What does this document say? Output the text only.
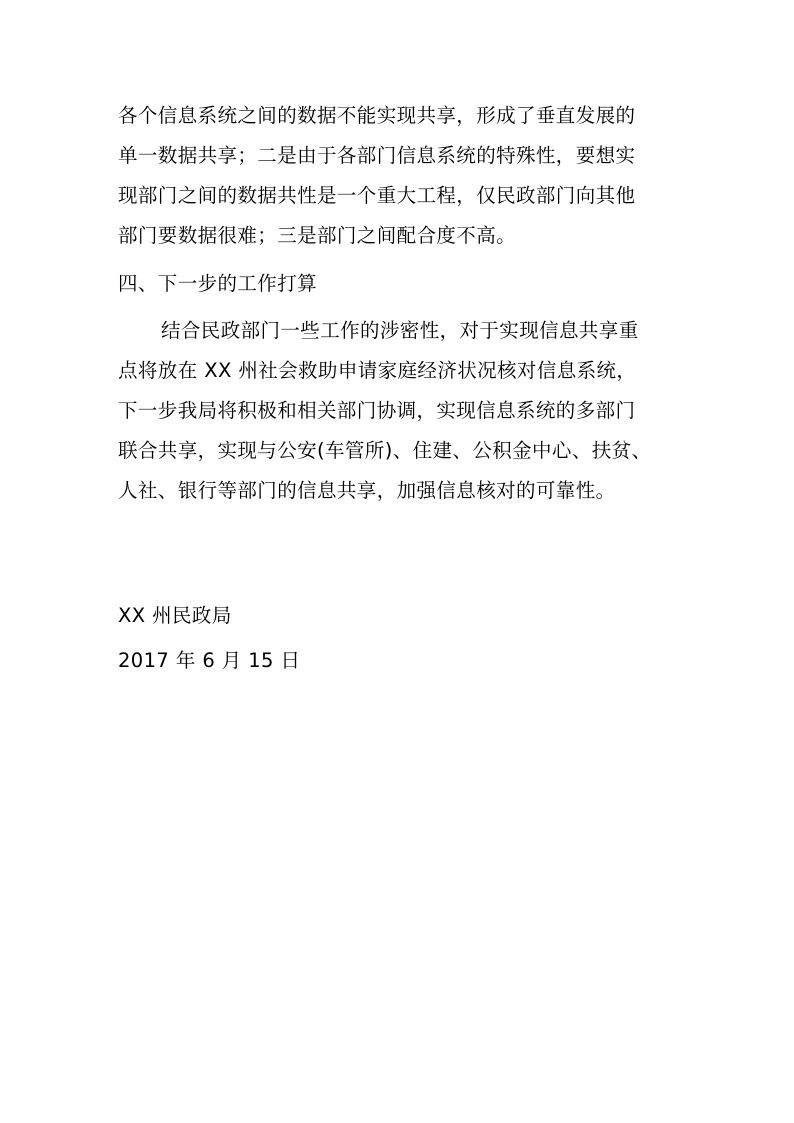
各个信息系统之间的数据不能实现共享，形成了垂直发展的

单一数据共享；二是由于各部门信息系统的特殊性，要想实

现部门之间的数据共性是一个重大工程，仅民政部门向其他

部门要数据很难；三是部门之间配合度不高。

四、下一步的工作打算

结合民政部门一些工作的涉密性，对于实现信息共享重

点将放在 XX 州社会救助申请家庭经济状况核对信息系统，

下一步我局将积极和相关部门协调，实现信息系统的多部门

联合共享，实现与公安(车管所)、住建、公积金中心、扶贫、

人社、银行等部门的信息共享，加强信息核对的可靠性。

XX 州民政局

2017 年 6 月 15 日
